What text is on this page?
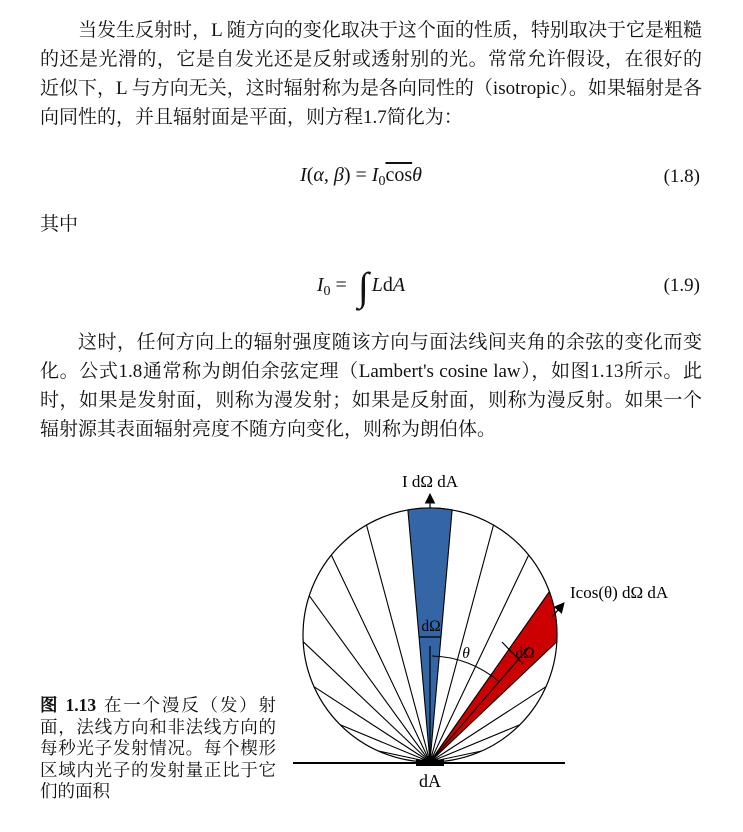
当发生反射时，L 随方向的变化取决于这个面的性质，特别取决于它是粗糙的还是光滑的，它是自发光还是反射或透射别的光。常常允许假设，在很好的近似下，L 与方向无关，这时辐射称为是各向同性的（isotropic）。如果辐射是各向同性的，并且辐射面是平面，则方程1.7简化为：
I(α, $\beta) = I_0\overline{cos}\theta$	(1.8)
其中
$I_0$ = ∫ LdA	(1.9)
这时，任何方向上的辐射强度随该方向与面法线间夹角的余弦的变化而变化。公式1.8通常称为朗伯余弦定理（Lambert's cosine law），如图1.13所示。此时，如果是发射面，则称为漫发射；如果是反射面，则称为漫反射。如果一个辐射源其表面辐射亮度不随方向变化，则称为朗伯体。
I dΩ dA
Icos(θ) dΩ dA
θ
dΩ
dΩ
dA
图 1.13 在一个漫反（发）射面，法线方向和非法线方向的每秒光子发射情况。每个楔形区域内光子的发射量正比于它们的面积
